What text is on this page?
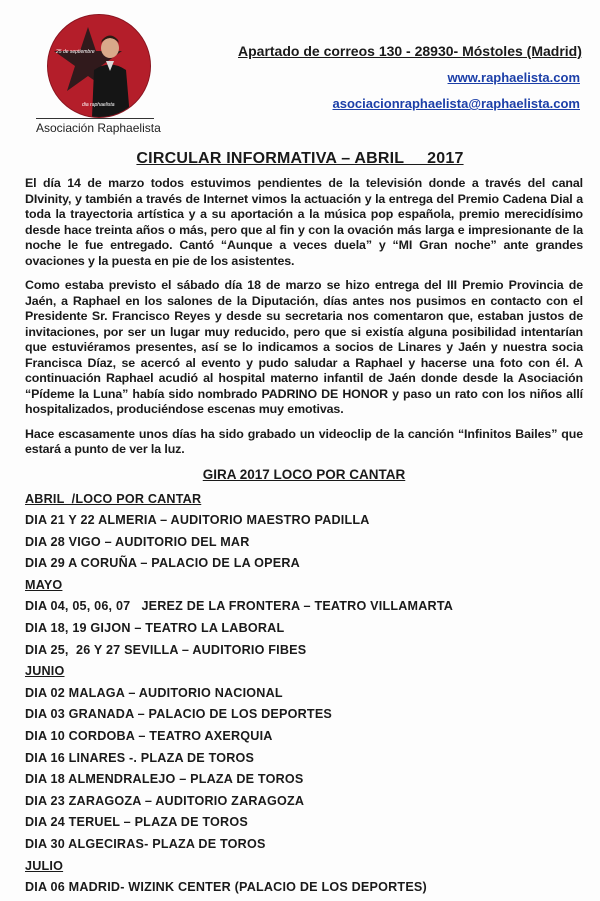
25 de septiembre
dia raphaelista
Asociación Raphaelista
Apartado de correos 130 - 28930- Móstoles (Madrid)
www.raphaelista.com
asociacionraphaelista@raphaelista.com
CIRCULAR INFORMATIVA – ABRIL     2017

El día 14 de marzo todos estuvimos pendientes de la televisión donde a través del canal DIvinity, y también a través de Internet vimos la actuación y la entrega del Premio Cadena Dial a toda la trayectoria artística y a su aportación a la música pop española, premio merecidísimo desde hace treinta años o más, pero que al fin y con la ovación más larga e impresionante de la noche le fue entregado. Cantó “Aunque a veces duela” y “MI Gran noche” ante grandes ovaciones y la puesta en pie de los asistentes.

Como estaba previsto el sábado día 18 de marzo se hizo entrega del III Premio Provincia de Jaén, a Raphael en los salones de la Diputación, días antes nos pusimos en contacto con el Presidente Sr. Francisco Reyes y desde su secretaria nos comentaron que, estaban justos de invitaciones, por ser un lugar muy reducido, pero que si existía alguna posibilidad intentarían que estuviéramos presentes, así se lo indicamos a socios de Linares y Jaén y nuestra socia Francisca Díaz, se acercó al evento y pudo saludar a Raphael y hacerse una foto con él. A continuación Raphael acudió al hospital materno infantil de Jaén donde desde la Asociación “Pídeme la Luna” había sido nombrado PADRINO DE HONOR y paso un rato con los niños allí hospitalizados, produciéndose escenas muy emotivas.

Hace escasamente unos días ha sido grabado un videoclip de la canción “Infinitos Bailes” que estará a punto de ver la luz.

GIRA 2017 LOCO POR CANTAR
ABRIL  /LOCO POR CANTAR
DIA 21 Y 22 ALMERIA – AUDITORIO MAESTRO PADILLA
DIA 28 VIGO – AUDITORIO DEL MAR
DIA 29 A CORUÑA – PALACIO DE LA OPERA
MAYO
DIA 04, 05, 06, 07   JEREZ DE LA FRONTERA – TEATRO VILLAMARTA
DIA 18, 19 GIJON – TEATRO LA LABORAL
DIA 25,  26 Y 27 SEVILLA – AUDITORIO FIBES
JUNIO
DIA 02 MALAGA – AUDITORIO NACIONAL
DIA 03 GRANADA – PALACIO DE LOS DEPORTES
DIA 10 CORDOBA – TEATRO AXERQUIA
DIA 16 LINARES -. PLAZA DE TOROS
DIA 18 ALMENDRALEJO – PLAZA DE TOROS
DIA 23 ZARAGOZA – AUDITORIO ZARAGOZA
DIA 24 TERUEL – PLAZA DE TOROS
DIA 30 ALGECIRAS- PLAZA DE TOROS
JULIO
DIA 06 MADRID- WIZINK CENTER (PALACIO DE LOS DEPORTES)
